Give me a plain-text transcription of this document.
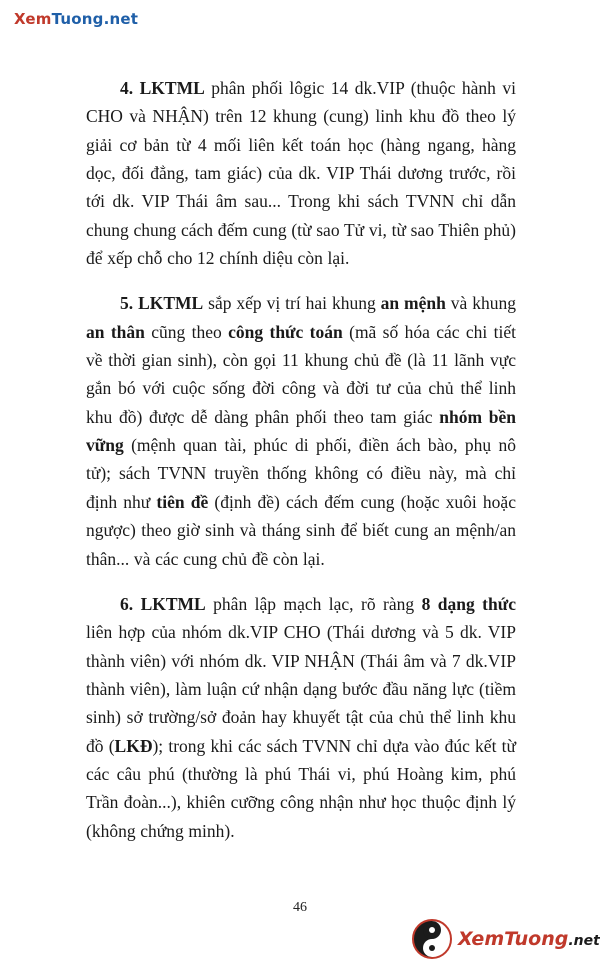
XemTuong.net

4. LKTML phân phối lôgic 14 dk.VIP (thuộc hành vi CHO và NHẬN) trên 12 khung (cung) linh khu đồ theo lý giải cơ bản từ 4 mối liên kết toán học (hàng ngang, hàng dọc, đối đẳng, tam giác) của dk. VIP Thái dương trước, rồi tới dk. VIP Thái âm sau... Trong khi sách TVNN chỉ dẫn chung chung cách đếm cung (từ sao Tử vi, từ sao Thiên phủ) để xếp chỗ cho 12 chính diệu còn lại.

5. LKTML sắp xếp vị trí hai khung an mệnh và khung an thân cũng theo công thức toán (mã số hóa các chi tiết về thời gian sinh), còn gọi 11 khung chủ đề (là 11 lãnh vực gắn bó với cuộc sống đời công và đời tư của chủ thể linh khu đồ) được dễ dàng phân phối theo tam giác nhóm bền vững (mệnh quan tài, phúc di phối, điền ách bào, phụ nô tử); sách TVNN truyền thống không có điều này, mà chỉ định như tiên đề (định đề) cách đếm cung (hoặc xuôi hoặc ngược) theo giờ sinh và tháng sinh để biết cung an mệnh/an thân... và các cung chủ đề còn lại.

6. LKTML phân lập mạch lạc, rõ ràng 8 dạng thức liên hợp của nhóm dk.VIP CHO (Thái dương và 5 dk. VIP thành viên) với nhóm dk. VIP NHẬN (Thái âm và 7 dk.VIP thành viên), làm luận cứ nhận dạng bước đầu năng lực (tiềm sinh) sở trường/sở đoản hay khuyết tật của chủ thể linh khu đồ (LKĐ); trong khi các sách TVNN chỉ dựa vào đúc kết từ các câu phú (thường là phú Thái vi, phú Hoàng kim, phú Trần đoàn...), khiên cưỡng công nhận như học thuộc định lý (không chứng minh).

46
XemTuong.net
